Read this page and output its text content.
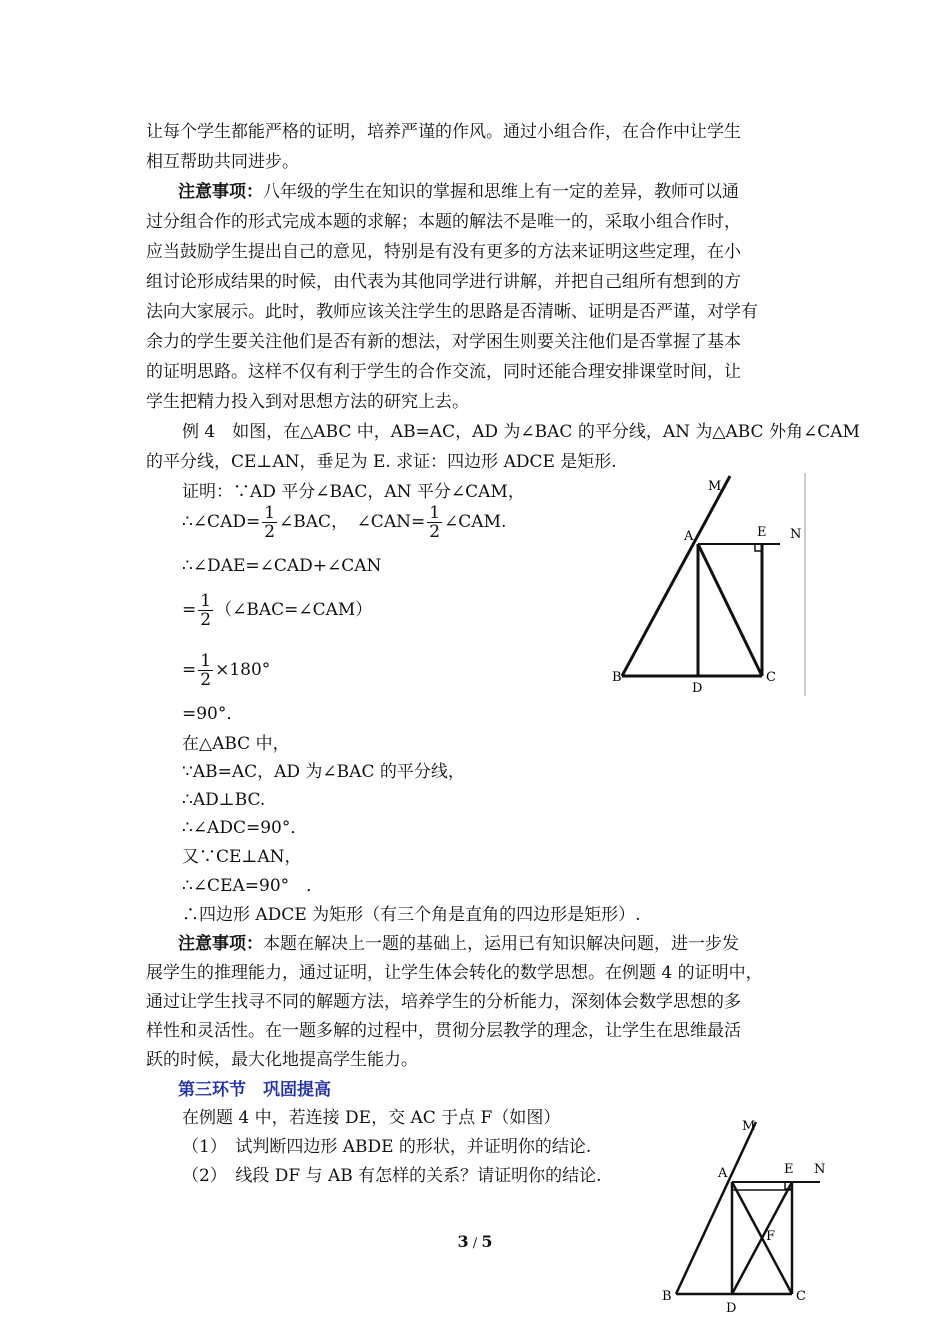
让每个学生都能严格的证明，培养严谨的作风。通过小组合作，在合作中让学生
相互帮助共同进步。
注意事项：八年级的学生在知识的掌握和思维上有一定的差异，教师可以通
过分组合作的形式完成本题的求解；本题的解法不是唯一的，采取小组合作时，
应当鼓励学生提出自己的意见，特别是有没有更多的方法来证明这些定理，在小
组讨论形成结果的时候，由代表为其他同学进行讲解，并把自己组所有想到的方
法向大家展示。此时，教师应该关注学生的思路是否清晰、证明是否严谨，对学有
余力的学生要关注他们是否有新的想法，对学困生则要关注他们是否掌握了基本
的证明思路。这样不仅有利于学生的合作交流，同时还能合理安排课堂时间，让
学生把精力投入到对思想方法的研究上去。
例 4　如图，在△ABC 中，AB=AC，AD 为∠BAC 的平分线，AN 为△ABC 外角∠CAM
的平分线，CE⊥AN，垂足为 E. 求证：四边形 ADCE 是矩形.
证明：∵AD 平分∠BAC，AN 平分∠CAM，
∴∠CAD= $\frac{1}{2}$ ∠BAC，　∠CAN= $\frac{1}{2}$ ∠CAM.
∴∠DAE=∠CAD+∠CAN
= $\frac{1}{2}$ （∠BAC=∠CAM）
= $\frac{1}{2} \times 180^\circ$
=90°．
在△ABC 中，
∵AB=AC，AD 为∠BAC 的平分线，
∴AD⊥BC.
∴∠ADC=90°．
又∵CE⊥AN，
∴∠CEA=90°　．
∴四边形 ADCE 为矩形（有三个角是直角的四边形是矩形）.
注意事项：本题在解决上一题的基础上，运用已有知识解决问题，进一步发
展学生的推理能力，通过证明，让学生体会转化的数学思想。在例题 4 的证明中，
通过让学生找寻不同的解题方法，培养学生的分析能力，深刻体会数学思想的多
样性和灵活性。在一题多解的过程中，贯彻分层教学的理念，让学生在思维最活
跃的时候，最大化地提高学生能力。
第三环节　巩固提高
在例题 4 中，若连接 DE，交 AC 于点 F（如图）
（1）　试判断四边形 ABDE 的形状，并证明你的结论.
（2）　线段 DF 与 AB 有怎样的关系？请证明你的结论.
M
A	E N
B
D
C
M
A	E N
F
B
D
C
3 / 5
